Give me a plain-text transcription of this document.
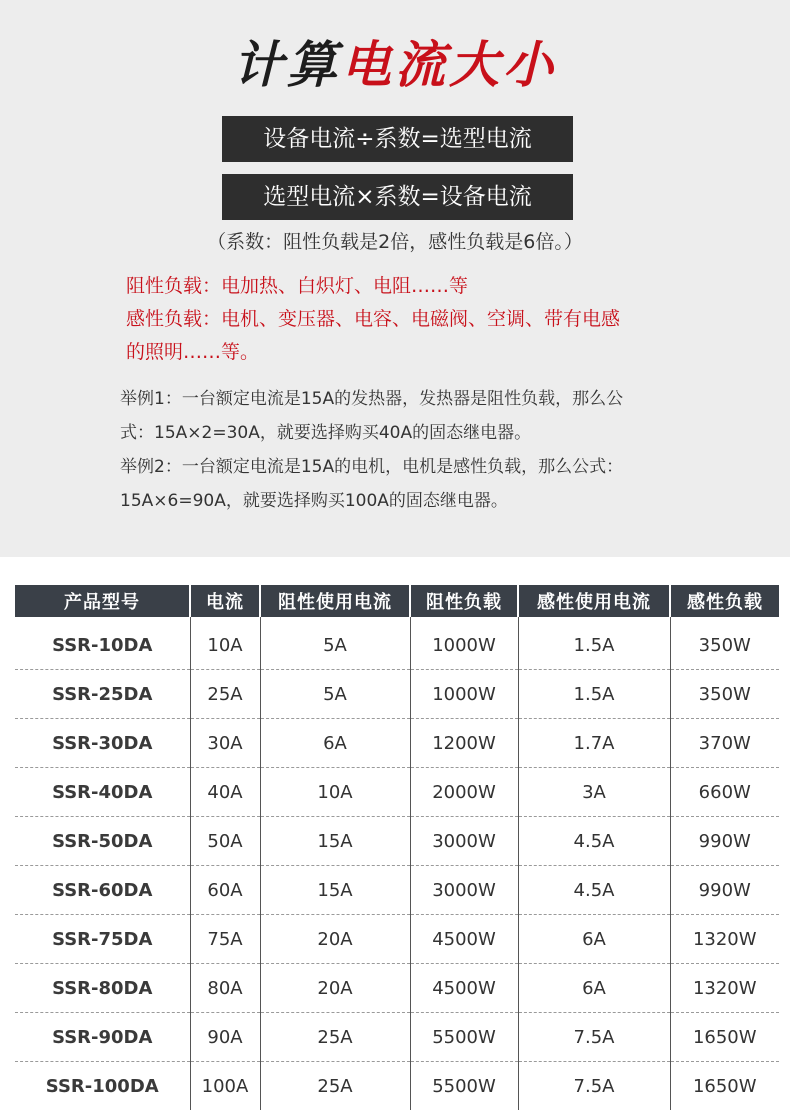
计算电流大小
设备电流÷系数=选型电流
选型电流×系数=设备电流
（系数：阻性负载是2倍，感性负载是6倍。）
阻性负载：电加热、白炽灯、电阻……等
感性负载：电机、变压器、电容、电磁阀、空调、带有电感
的照明……等。
举例1：一台额定电流是15A的发热器，发热器是阻性负载，那么公
式：15A×2=30A，就要选择购买40A的固态继电器。
举例2：一台额定电流是15A的电机，电机是感性负载，那么公式：
15A×6=90A，就要选择购买100A的固态继电器。
产品型号	电流	阻性使用电流	阻性负载	感性使用电流	感性负载
SSR-10DA	10A	5A	1000W	1.5A	350W
SSR-25DA	25A	5A	1000W	1.5A	350W
SSR-30DA	30A	6A	1200W	1.7A	370W
SSR-40DA	40A	10A	2000W	3A	660W
SSR-50DA	50A	15A	3000W	4.5A	990W
SSR-60DA	60A	15A	3000W	4.5A	990W
SSR-75DA	75A	20A	4500W	6A	1320W
SSR-80DA	80A	20A	4500W	6A	1320W
SSR-90DA	90A	25A	5500W	7.5A	1650W
SSR-100DA	100A	25A	5500W	7.5A	1650W
